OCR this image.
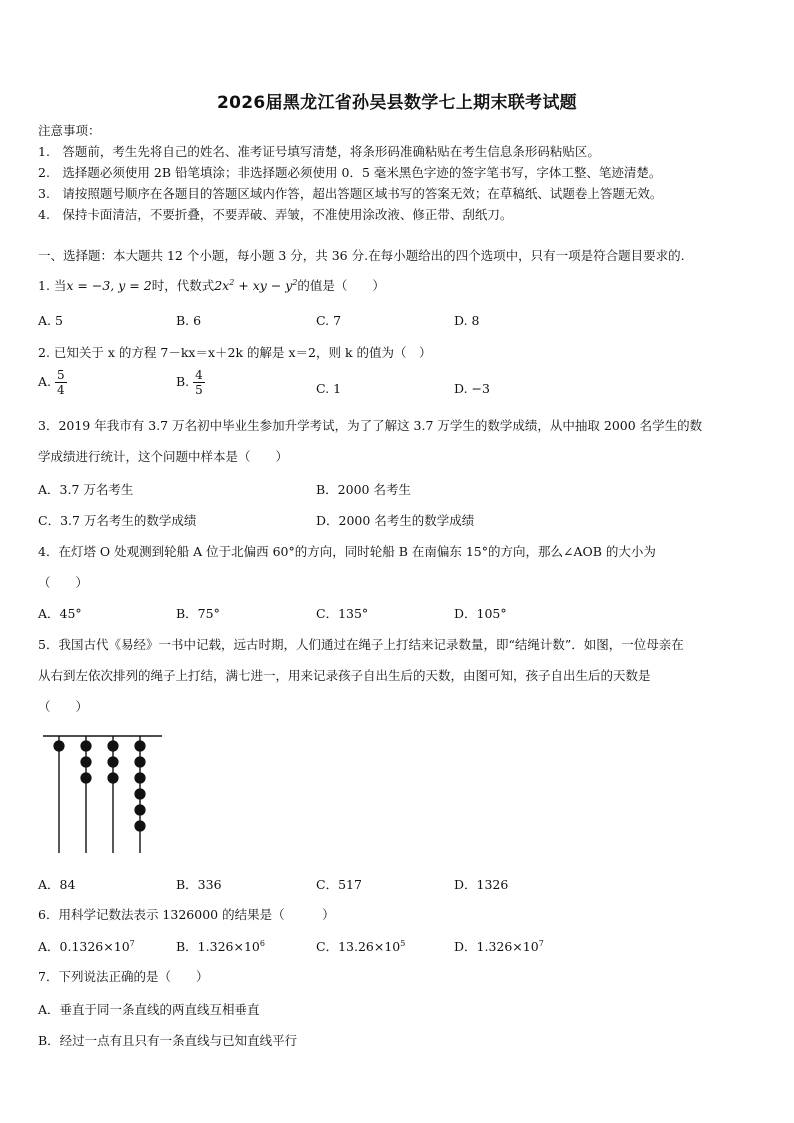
2026届黑龙江省孙吴县数学七上期末联考试题
注意事项：
1.　答题前，考生先将自己的姓名、准考证号填写清楚，将条形码准确粘贴在考生信息条形码粘贴区。
2.　选择题必须使用 2B 铅笔填涂；非选择题必须使用 0．5 毫米黑色字迹的签字笔书写，字体工整、笔迹清楚。
3.　请按照题号顺序在各题目的答题区域内作答，超出答题区域书写的答案无效；在草稿纸、试题卷上答题无效。
4.　保持卡面清洁，不要折叠，不要弄破、弄皱，不准使用涂改液、修正带、刮纸刀。
一、选择题：本大题共 12 个小题，每小题 3 分，共 36 分.在每小题给出的四个选项中，只有一项是符合题目要求的.
1. 当x = −3, y = 2时，代数式$2x^2$ + xy − $y^2$的值是（　　）
A. 5	B. 6	C. 7	D. 8
2. 已知关于 x 的方程 7－kx＝x＋2k 的解是 x＝2，则 k 的值为（　）
A. $\frac{5}{4}$	B. $\frac{4}{5}$	C. 1	D. −3
3．2019 年我市有 3.7 万名初中毕业生参加升学考试，为了了解这 3.7 万学生的数学成绩，从中抽取 2000 名学生的数
学成绩进行统计，这个问题中样本是（　　）
A．3.7 万名考生	B．2000 名考生
C．3.7 万名考生的数学成绩	D．2000 名考生的数学成绩
4．在灯塔 O 处观测到轮船 A 位于北偏西 60°的方向，同时轮船 B 在南偏东 15°的方向，那么∠AOB 的大小为
（　　）
A．45°	B．75°	C．135°	D．105°
5．我国古代《易经》一书中记载，远古时期，人们通过在绳子上打结来记录数量，即“结绳计数”．如图，一位母亲在
从右到左依次排列的绳子上打结，满七进一，用来记录孩子自出生后的天数，由图可知，孩子自出生后的天数是
（　　）
A．84	B．336	C．517	D．1326
6．用科学记数法表示 1326000 的结果是（　　　）
A．$0.1326\times 10^7$	B．$1.326\times 10^6$	C．$13.26\times 10^5$	D．$1.326\times 10^7$
7．下列说法正确的是（　　）
A．垂直于同一条直线的两直线互相垂直
B．经过一点有且只有一条直线与已知直线平行
